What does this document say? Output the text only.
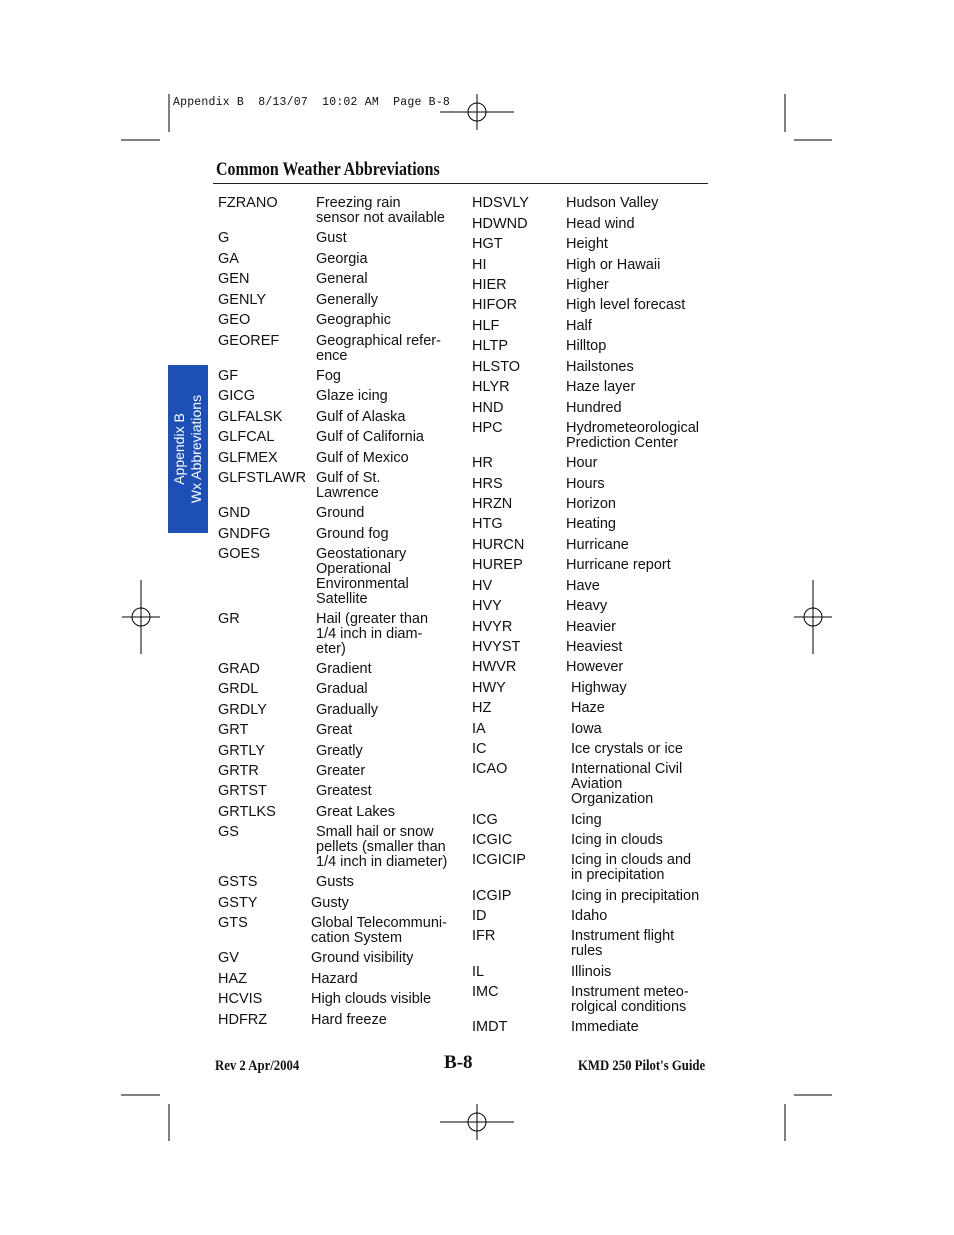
Appendix B  8/13/07  10:02 AM  Page B-8
Common Weather Abbreviations
Appendix B Wx Abbreviations
FZRANO	Freezing rain
sensor not available
G	Gust
GA	Georgia
GEN	General
GENLY	Generally
GEO	Geographic
GEOREF	Geographical refer-
ence
GF	Fog
GICG	Glaze icing
GLFALSK Gulf of Alaska
GLFCAL	Gulf of California
GLFMEX	Gulf of Mexico
GLFSTLAWR Gulf of St.
Lawrence
GND	Ground
GNDFG	Ground fog
GOES	Geostationary
Operational
Environmental
Satellite
GR	Hail (greater than
1/4 inch in diam-
eter)
GRAD	Gradient
GRDL	Gradual
GRDLY	Gradually
GRT	Great
GRTLY	Greatly
GRTR	Greater
GRTST	Greatest
GRTLKS	Great Lakes
GS	Small hail or snow
pellets (smaller than
1/4 inch in diameter)
GSTS	Gusts
GSTY	Gusty
GTS	Global Telecommuni-
cation System
GV	Ground visibility
HAZ	Hazard
HCVIS	High clouds visible
HDFRZ	Hard freeze
HDSVLY	Hudson Valley
HDWND	Head wind
HGT	Height
HI	High or Hawaii
HIER	Higher
HIFOR	High level forecast
HLF	Half
HLTP	Hilltop
HLSTO	Hailstones
HLYR	Haze layer
HND	Hundred
HPC	Hydrometeorological
Prediction Center
HR	Hour
HRS	Hours
HRZN	Horizon
HTG	Heating
HURCN	Hurricane
HUREP	Hurricane report
HV	Have
HVY	Heavy
HVYR	Heavier
HVYST	Heaviest
HWVR	However
HWY	Highway
HZ	Haze
IA	Iowa
IC	Ice crystals or ice
ICAO	International Civil
Aviation
Organization
ICG	Icing
ICGIC	Icing in clouds
ICGICIP	Icing in clouds and
in precipitation
ICGIP	Icing in precipitation
ID	Idaho
IFR	Instrument flight
rules
IL	Illinois
IMC	Instrument meteo-
rolgical conditions
IMDT	Immediate
Rev 2 Apr/2004	B-8	KMD 250 Pilot's Guide
